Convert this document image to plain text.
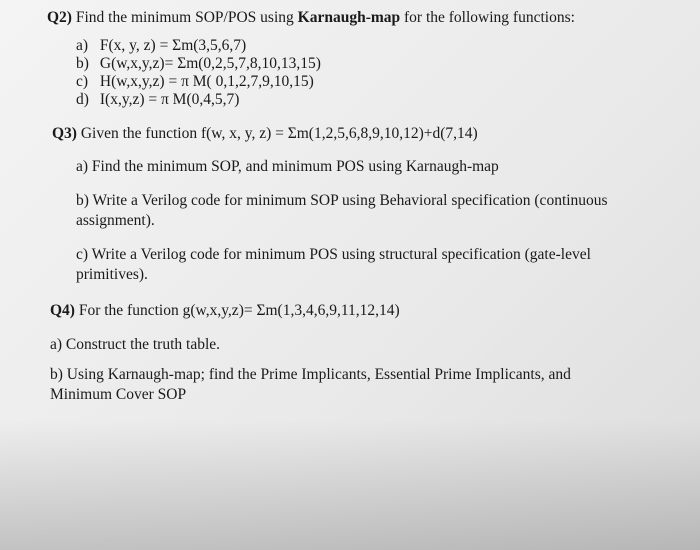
Q2) Find the minimum SOP/POS using Karnaugh-map for the following functions:
a) F(x, y, z) = Σm(3,5,6,7)
b) G(w,x,y,z)= Σm(0,2,5,7,8,10,13,15)
c) H(w,x,y,z) = π M( 0,1,2,7,9,10,15)
d) I(x,y,z) = π M(0,4,5,7)
Q3) Given the function f(w, x, y, z) = Σm(1,2,5,6,8,9,10,12)+d(7,14)
a) Find the minimum SOP, and minimum POS using Karnaugh-map
b) Write a Verilog code for minimum SOP using Behavioral specification (continuous
assignment).
c) Write a Verilog code for minimum POS using structural specification (gate-level
primitives).
Q4) For the function g(w,x,y,z)= Σm(1,3,4,6,9,11,12,14)
a) Construct the truth table.
b) Using Karnaugh-map; find the Prime Implicants, Essential Prime Implicants, and
Minimum Cover SOP
